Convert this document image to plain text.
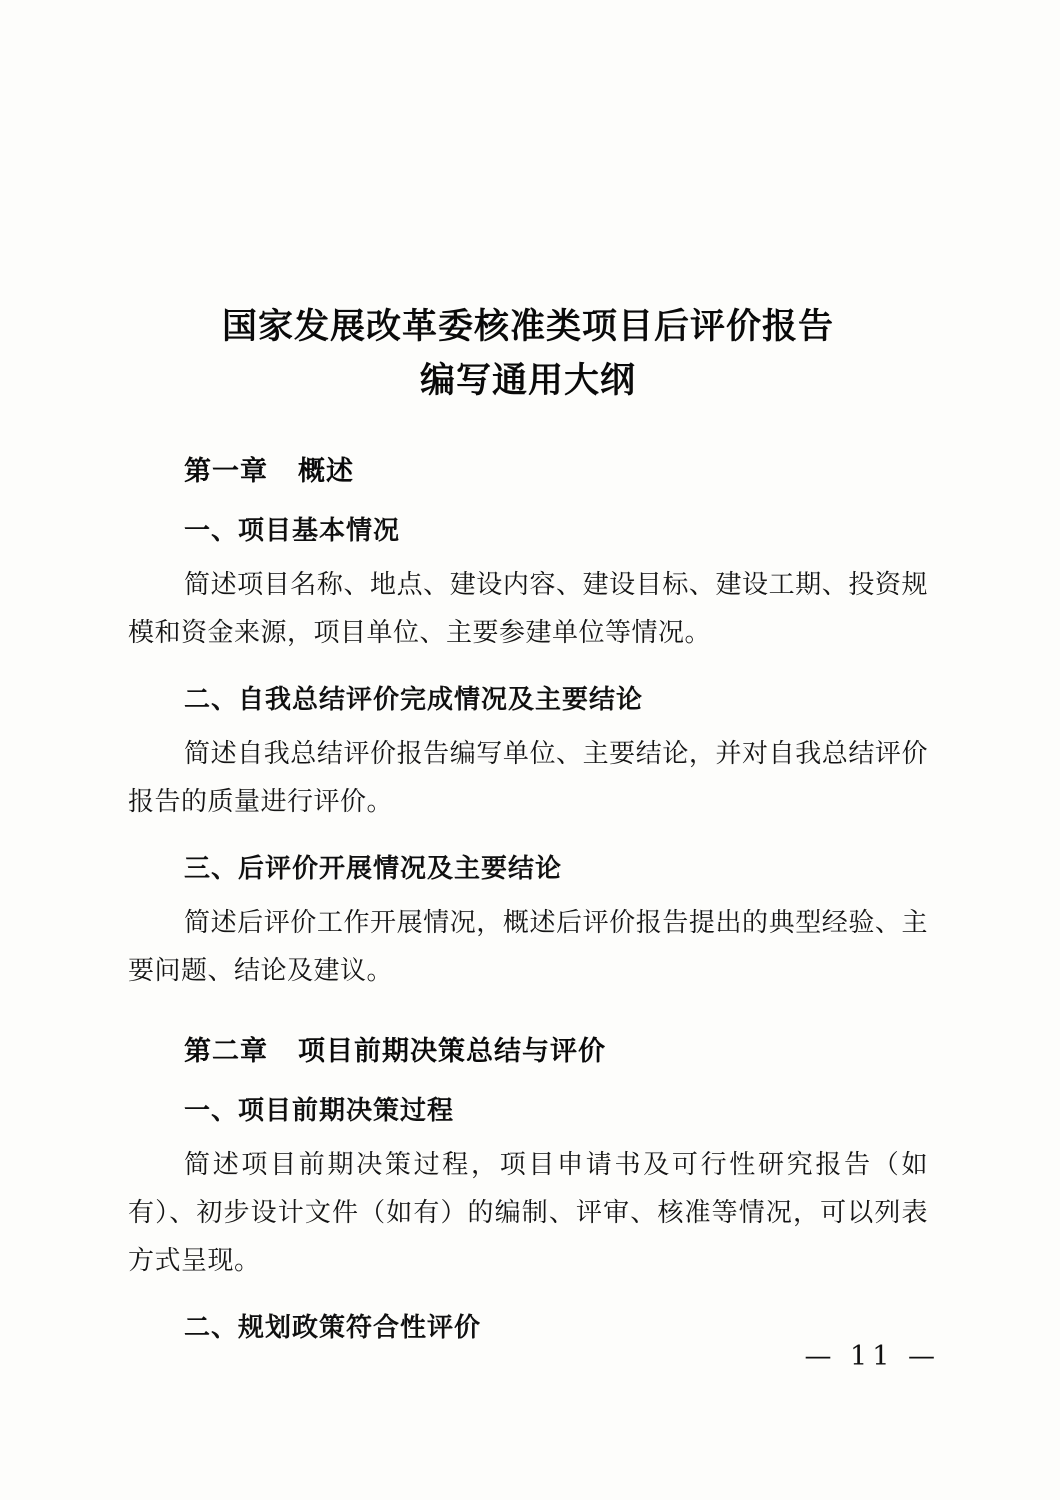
国家发展改革委核准类项目后评价报告
编写通用大纲
第一章 概述
一、项目基本情况
简述项目名称、地点、建设内容、建设目标、建设工期、投资规模和资金来源，项目单位、主要参建单位等情况。
二、自我总结评价完成情况及主要结论
简述自我总结评价报告编写单位、主要结论，并对自我总结评价报告的质量进行评价。
三、后评价开展情况及主要结论
简述后评价工作开展情况，概述后评价报告提出的典型经验、主要问题、结论及建议。
第二章 项目前期决策总结与评价
一、项目前期决策过程
简述项目前期决策过程，项目申请书及可行性研究报告（如有）、初步设计文件（如有）的编制、评审、核准等情况，可以列表方式呈现。
二、规划政策符合性评价
— 11 —
